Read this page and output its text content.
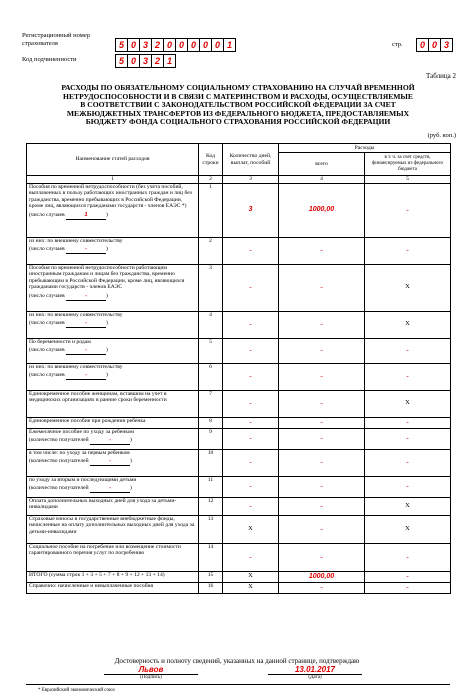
Регистрационный номер
страхователя	5 0 3 2 0 0 0 0 0 1	стр.	0 0 3
Код подчиненности	5 0 3 2 1
Таблица 2
РАСХОДЫ ПО ОБЯЗАТЕЛЬНОМУ СОЦИАЛЬНОМУ СТРАХОВАНИЮ НА СЛУЧАЙ ВРЕМЕННОЙ
НЕТРУДОСПОСОБНОСТИ И В СВЯЗИ С МАТЕРИНСТВОМ И РАСХОДЫ, ОСУЩЕСТВЛЯЕМЫЕ
В СООТВЕТСТВИИ С ЗАКОНОДАТЕЛЬСТВОМ РОССИЙСКОЙ ФЕДЕРАЦИИ ЗА СЧЕТ
МЕЖБЮДЖЕТНЫХ ТРАНСФЕРТОВ ИЗ ФЕДЕРАЛЬНОГО БЮДЖЕТА, ПРЕДОСТАВЛЯЕМЫХ
БЮДЖЕТУ ФОНДА СОЦИАЛЬНОГО СТРАХОВАНИЯ РОССИЙСКОЙ ФЕДЕРАЦИИ
(руб. коп.)
Наименование статей расходов	Код строки	Количество дней, выплат, пособий	Расходы	
			всего	в т. ч. за счет средств, финансируемых из федерального бюджета
1	2	3	4	5

Пособия по временной нетрудоспособности (без учета пособий, выплаченных в пользу работающих иностранных граждан и лиц без гражданства, временно пребывающих в Российской Федерации, кроме лиц, являющихся гражданами государств - членов ЕАЭС *)
(число случаев 1 )	1	3	1000,00	-

из них: по внешнему совместительству
(число случаев - )	2	-	-	-

Пособия по временной нетрудоспособности работающим иностранным гражданам и лицам без гражданства, временно пребывающим в Российской Федерации, кроме лиц, являющихся гражданами государств - членов ЕАЭС
(число случаев - )	3	-	-	X

из них: по внешнему совместительству
(число случаев - )	4	-	-	X

По беременности и родам
(число случаев - )	5	-	-	-

из них: по внешнему совместительству
(число случаев - )	6	-	-	-

Единовременное пособие женщинам, вставшим на учет в медицинских организациях в ранние сроки беременности	7	-	-	X

Единовременное пособие при рождении ребенка	8	-	-	-

Ежемесячное пособие по уходу за ребенком
(количество получателей - )	9	-	-	-

в том числе: по уходу за первым ребенком
(количество получателей - )	10	-	-	-

по уходу за вторым и последующими детьми
(количество получателей - )	11	-	-	-

Оплата дополнительных выходных дней для ухода за детьми-инвалидами	12	-	-	X

Страховые взносы в государственные внебюджетные фонды, начисленные на оплату дополнительных выходных дней для ухода за детьми-инвалидами	13	X	-	X

Социальное пособие на погребение или возмещение стоимости гарантированного перечня услуг по погребению	14	-	-	-

ИТОГО (сумма строк 1 + 3 + 5 + 7 + 8 + 9 + 12 + 13 + 14)	15	X	1000,00	-

Справочно: начисленные и невыплаченные пособия	16	X	-	-
Достоверность и полноту сведений, указанных на данной странице, подтверждаю
Львов
(Подпись)
13.01.2017
(Дата)
* Евразийский экономический союз
